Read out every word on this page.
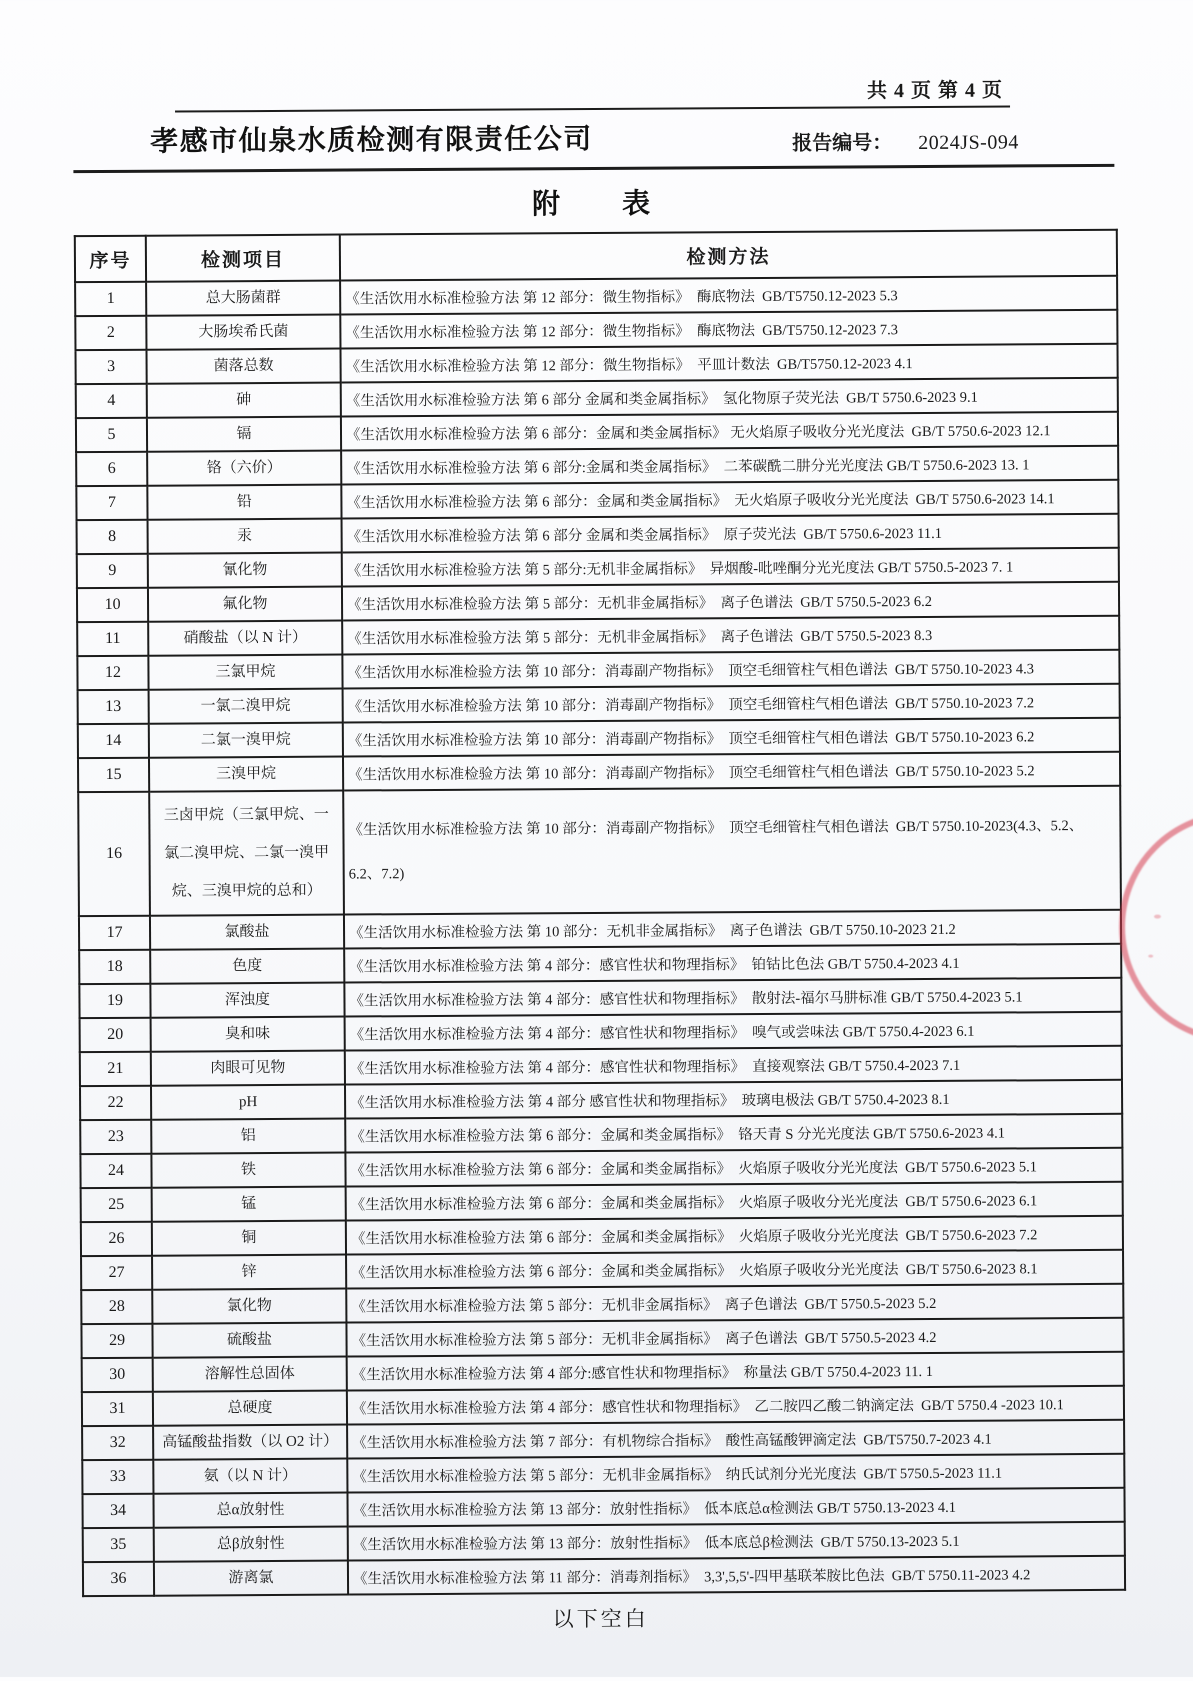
共 4 页 第 4 页
孝感市仙泉水质检测有限责任公司	报告编号： 2024JS-094
附　　表
序号	检测项目	检测方法
1	总大肠菌群	《生活饮用水标准检验方法 第 12 部分：微生物指标》  酶底物法  GB/T5750.12-2023 5.3
2	大肠埃希氏菌	《生活饮用水标准检验方法 第 12 部分：微生物指标》  酶底物法  GB/T5750.12-2023 7.3
3	菌落总数	《生活饮用水标准检验方法 第 12 部分：微生物指标》  平皿计数法  GB/T5750.12-2023 4.1
4	砷	《生活饮用水标准检验方法 第 6 部分 金属和类金属指标》  氢化物原子荧光法  GB/T 5750.6-2023 9.1
5	镉	《生活饮用水标准检验方法 第 6 部分：金属和类金属指标》 无火焰原子吸收分光光度法  GB/T 5750.6-2023 12.1
6	铬（六价）	《生活饮用水标准检验方法 第 6 部分:金属和类金属指标》  二苯碳酰二肼分光光度法 GB/T 5750.6-2023 13. 1
7	铅	《生活饮用水标准检验方法 第 6 部分：金属和类金属指标》  无火焰原子吸收分光光度法  GB/T 5750.6-2023 14.1
8	汞	《生活饮用水标准检验方法 第 6 部分 金属和类金属指标》  原子荧光法  GB/T 5750.6-2023 11.1
9	氰化物	《生活饮用水标准检验方法 第 5 部分:无机非金属指标》  异烟酸-吡唑酮分光光度法 GB/T 5750.5-2023 7. 1
10	氟化物	《生活饮用水标准检验方法 第 5 部分：无机非金属指标》  离子色谱法  GB/T 5750.5-2023 6.2
11	硝酸盐（以 N 计）	《生活饮用水标准检验方法 第 5 部分：无机非金属指标》  离子色谱法  GB/T 5750.5-2023 8.3
12	三氯甲烷	《生活饮用水标准检验方法 第 10 部分：消毒副产物指标》  顶空毛细管柱气相色谱法  GB/T 5750.10-2023 4.3
13	一氯二溴甲烷	《生活饮用水标准检验方法 第 10 部分：消毒副产物指标》  顶空毛细管柱气相色谱法  GB/T 5750.10-2023 7.2
14	二氯一溴甲烷	《生活饮用水标准检验方法 第 10 部分：消毒副产物指标》  顶空毛细管柱气相色谱法  GB/T 5750.10-2023 6.2
15	三溴甲烷	《生活饮用水标准检验方法 第 10 部分：消毒副产物指标》  顶空毛细管柱气相色谱法  GB/T 5750.10-2023 5.2
16	三卤甲烷（三氯甲烷、一
氯二溴甲烷、二氯一溴甲
烷、三溴甲烷的总和）	《生活饮用水标准检验方法 第 10 部分：消毒副产物指标》  顶空毛细管柱气相色谱法  GB/T 5750.10-2023(4.3、5.2、
6.2、7.2)
17	氯酸盐	《生活饮用水标准检验方法 第 10 部分：无机非金属指标》  离子色谱法  GB/T 5750.10-2023 21.2
18	色度	《生活饮用水标准检验方法 第 4 部分：感官性状和物理指标》  铂钴比色法 GB/T 5750.4-2023 4.1
19	浑浊度	《生活饮用水标准检验方法 第 4 部分：感官性状和物理指标》  散射法-福尔马肼标准 GB/T 5750.4-2023 5.1
20	臭和味	《生活饮用水标准检验方法 第 4 部分：感官性状和物理指标》  嗅气或尝味法 GB/T 5750.4-2023 6.1
21	肉眼可见物	《生活饮用水标准检验方法 第 4 部分：感官性状和物理指标》  直接观察法 GB/T 5750.4-2023 7.1
22	pH	《生活饮用水标准检验方法 第 4 部分 感官性状和物理指标》  玻璃电极法 GB/T 5750.4-2023 8.1
23	铝	《生活饮用水标准检验方法 第 6 部分：金属和类金属指标》  铬天青 S 分光光度法 GB/T 5750.6-2023 4.1
24	铁	《生活饮用水标准检验方法 第 6 部分：金属和类金属指标》  火焰原子吸收分光光度法  GB/T 5750.6-2023 5.1
25	锰	《生活饮用水标准检验方法 第 6 部分：金属和类金属指标》  火焰原子吸收分光光度法  GB/T 5750.6-2023 6.1
26	铜	《生活饮用水标准检验方法 第 6 部分：金属和类金属指标》  火焰原子吸收分光光度法  GB/T 5750.6-2023 7.2
27	锌	《生活饮用水标准检验方法 第 6 部分：金属和类金属指标》  火焰原子吸收分光光度法  GB/T 5750.6-2023 8.1
28	氯化物	《生活饮用水标准检验方法 第 5 部分：无机非金属指标》  离子色谱法  GB/T 5750.5-2023 5.2
29	硫酸盐	《生活饮用水标准检验方法 第 5 部分：无机非金属指标》  离子色谱法  GB/T 5750.5-2023 4.2
30	溶解性总固体	《生活饮用水标准检验方法 第 4 部分:感官性状和物理指标》  称量法 GB/T 5750.4-2023 11. 1
31	总硬度	《生活饮用水标准检验方法 第 4 部分：感官性状和物理指标》  乙二胺四乙酸二钠滴定法  GB/T 5750.4 -2023 10.1
32	高锰酸盐指数（以 O2 计）	《生活饮用水标准检验方法 第 7 部分：有机物综合指标》  酸性高锰酸钾滴定法  GB/T5750.7-2023 4.1
33	氨（以 N 计）	《生活饮用水标准检验方法 第 5 部分：无机非金属指标》  纳氏试剂分光光度法  GB/T 5750.5-2023 11.1
34	总α放射性	《生活饮用水标准检验方法 第 13 部分：放射性指标》  低本底总α检测法 GB/T 5750.13-2023 4.1
35	总β放射性	《生活饮用水标准检验方法 第 13 部分：放射性指标》  低本底总β检测法  GB/T 5750.13-2023 5.1
36	游离氯	《生活饮用水标准检验方法 第 11 部分：消毒剂指标》  3,3',5,5'-四甲基联苯胺比色法  GB/T 5750.11-2023 4.2
以下空白
